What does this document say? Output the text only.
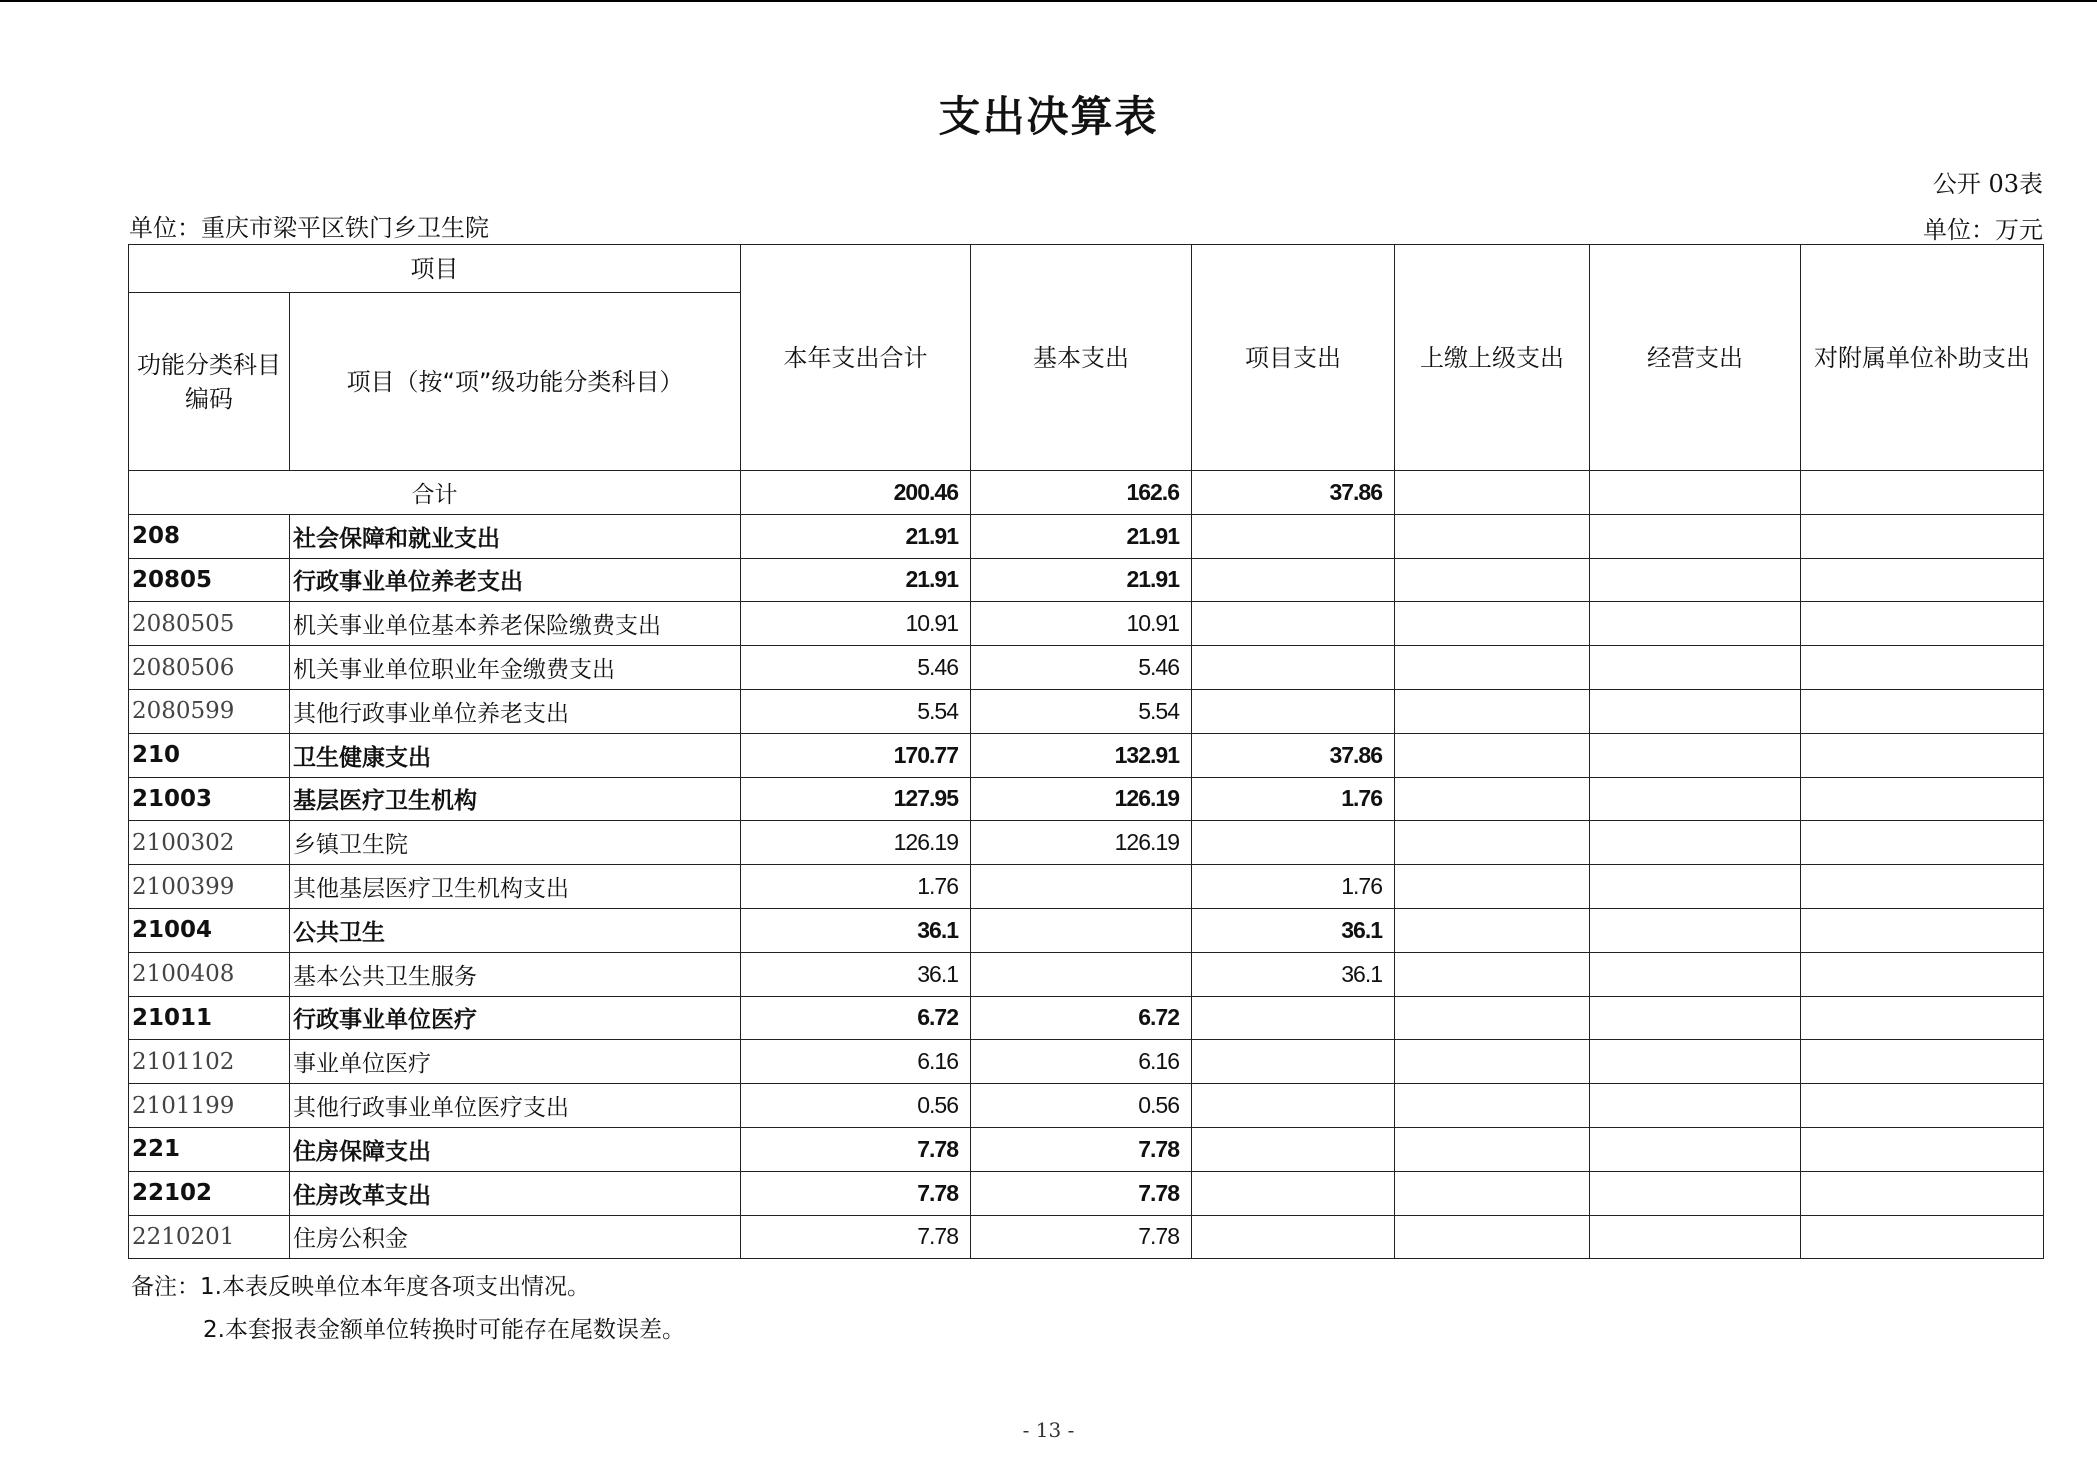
支出决算表
公开 03表
单位：重庆市梁平区铁门乡卫生院	单位：万元
项目		本年支出合计	基本支出	项目支出	上缴上级支出	经营支出	对附属单位补助支出
功能分类科目编码	项目（按“项”级功能分类科目）						
合计		200.46	162.6	37.86			
208	社会保障和就业支出	21.91	21.91				
20805	行政事业单位养老支出	21.91	21.91				
2080505	机关事业单位基本养老保险缴费支出	10.91	10.91				
2080506	机关事业单位职业年金缴费支出	5.46	5.46				
2080599	其他行政事业单位养老支出	5.54	5.54				
210	卫生健康支出	170.77	132.91	37.86			
21003	基层医疗卫生机构	127.95	126.19	1.76			
2100302	乡镇卫生院	126.19	126.19				
2100399	其他基层医疗卫生机构支出	1.76		1.76			
21004	公共卫生	36.1		36.1			
2100408	基本公共卫生服务	36.1		36.1			
21011	行政事业单位医疗	6.72	6.72				
2101102	事业单位医疗	6.16	6.16				
2101199	其他行政事业单位医疗支出	0.56	0.56				
221	住房保障支出	7.78	7.78				
22102	住房改革支出	7.78	7.78				
2210201	住房公积金	7.78	7.78				
备注：1.本表反映单位本年度各项支出情况。
2.本套报表金额单位转换时可能存在尾数误差。
- 13 -
